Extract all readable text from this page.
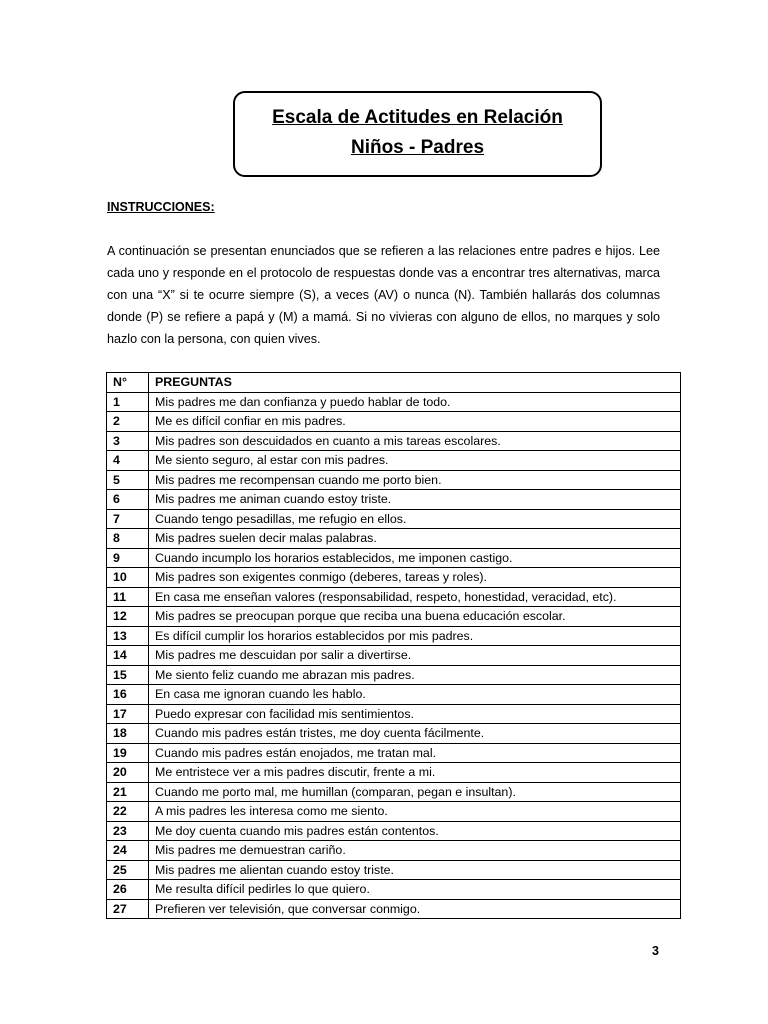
Escala de Actitudes en Relación
Niños - Padres
INSTRUCCIONES:

A continuación se presentan enunciados que se refieren a las relaciones entre padres e hijos. Lee cada uno y responde en el protocolo de respuestas donde vas a encontrar tres alternativas, marca con una “X” si te ocurre siempre (S), a veces (AV) o nunca (N). También hallarás dos columnas donde (P) se refiere a papá y (M) a mamá. Si no vivieras con alguno de ellos, no marques y solo hazlo con la persona, con quien vives.

N°	PREGUNTAS
1	Mis padres me dan confianza y puedo hablar de todo.
2	Me es difícil confiar en mis padres.
3	Mis padres son descuidados en cuanto a mis tareas escolares.
4	Me siento seguro, al estar con mis padres.
5	Mis padres me recompensan cuando me porto bien.
6	Mis padres me animan cuando estoy triste.
7	Cuando tengo pesadillas, me refugio en ellos.
8	Mis padres suelen decir malas palabras.
9	Cuando incumplo los horarios establecidos, me imponen castigo.
10	Mis padres son exigentes conmigo (deberes, tareas y roles).
11	En casa me enseñan valores (responsabilidad, respeto, honestidad, veracidad, etc).
12	Mis padres se preocupan porque que reciba una buena educación escolar.
13	Es difícil cumplir los horarios establecidos por mis padres.
14	Mis padres me descuidan por salir a divertirse.
15	Me siento feliz cuando me abrazan mis padres.
16	En casa me ignoran cuando les hablo.
17	Puedo expresar con facilidad mis sentimientos.
18	Cuando mis padres están tristes, me doy cuenta fácilmente.
19	Cuando mis padres están enojados, me tratan mal.
20	Me entristece ver a mis padres discutir, frente a mi.
21	Cuando me porto mal, me humillan (comparan, pegan e insultan).
22	A mis padres les interesa como me siento.
23	Me doy cuenta cuando mis padres están contentos.
24	Mis padres me demuestran cariño.
25	Mis padres me alientan cuando estoy triste.
26	Me resulta difícil pedirles lo que quiero.
27	Prefieren ver televisión, que conversar conmigo.
3
